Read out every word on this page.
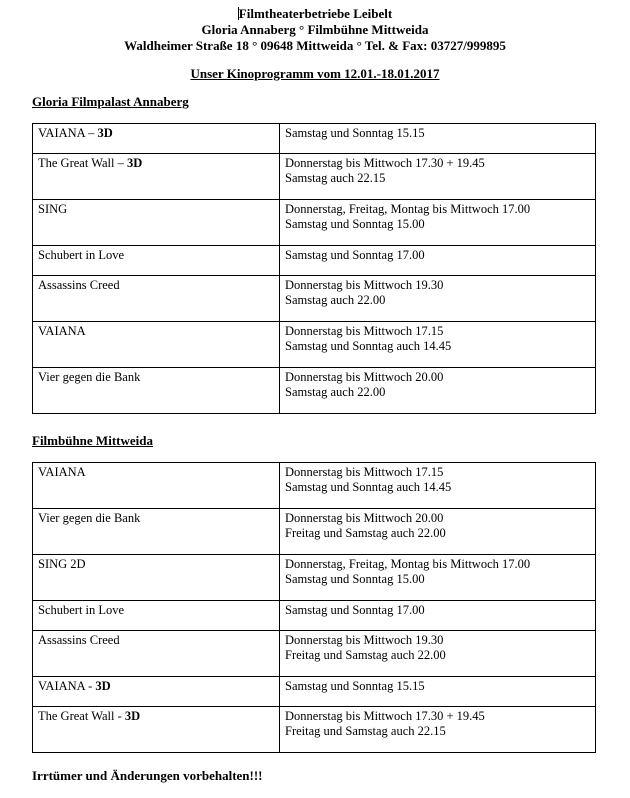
Filmtheaterbetriebe Leibelt
Gloria Annaberg ° Filmbühne Mittweida
Waldheimer Straße 18 ° 09648 Mittweida ° Tel. & Fax: 03727/999895
Unser Kinoprogramm vom 12.01.-18.01.2017
Gloria Filmpalast Annaberg
VAIANA – 3D	Samstag und Sonntag 15.15

The Great Wall – 3D	Donnerstag bis Mittwoch 17.30 + 19.45
Samstag auch 22.15

SING	Donnerstag, Freitag, Montag bis Mittwoch 17.00
Samstag und Sonntag 15.00

Schubert in Love	Samstag und Sonntag 17.00

Assassins Creed	Donnerstag bis Mittwoch 19.30
Samstag auch 22.00

VAIANA	Donnerstag bis Mittwoch 17.15
Samstag und Sonntag auch 14.45

Vier gegen die Bank	Donnerstag bis Mittwoch 20.00
Samstag auch 22.00
Filmbühne Mittweida
VAIANA	Donnerstag bis Mittwoch 17.15
Samstag und Sonntag auch 14.45

Vier gegen die Bank	Donnerstag bis Mittwoch 20.00
Freitag und Samstag auch 22.00

SING 2D	Donnerstag, Freitag, Montag bis Mittwoch 17.00
Samstag und Sonntag 15.00

Schubert in Love	Samstag und Sonntag 17.00

Assassins Creed	Donnerstag bis Mittwoch 19.30
Freitag und Samstag auch 22.00

VAIANA - 3D	Samstag und Sonntag 15.15

The Great Wall - 3D	Donnerstag bis Mittwoch 17.30 + 19.45
Freitag und Samstag auch 22.15
Irrtümer und Änderungen vorbehalten!!!
